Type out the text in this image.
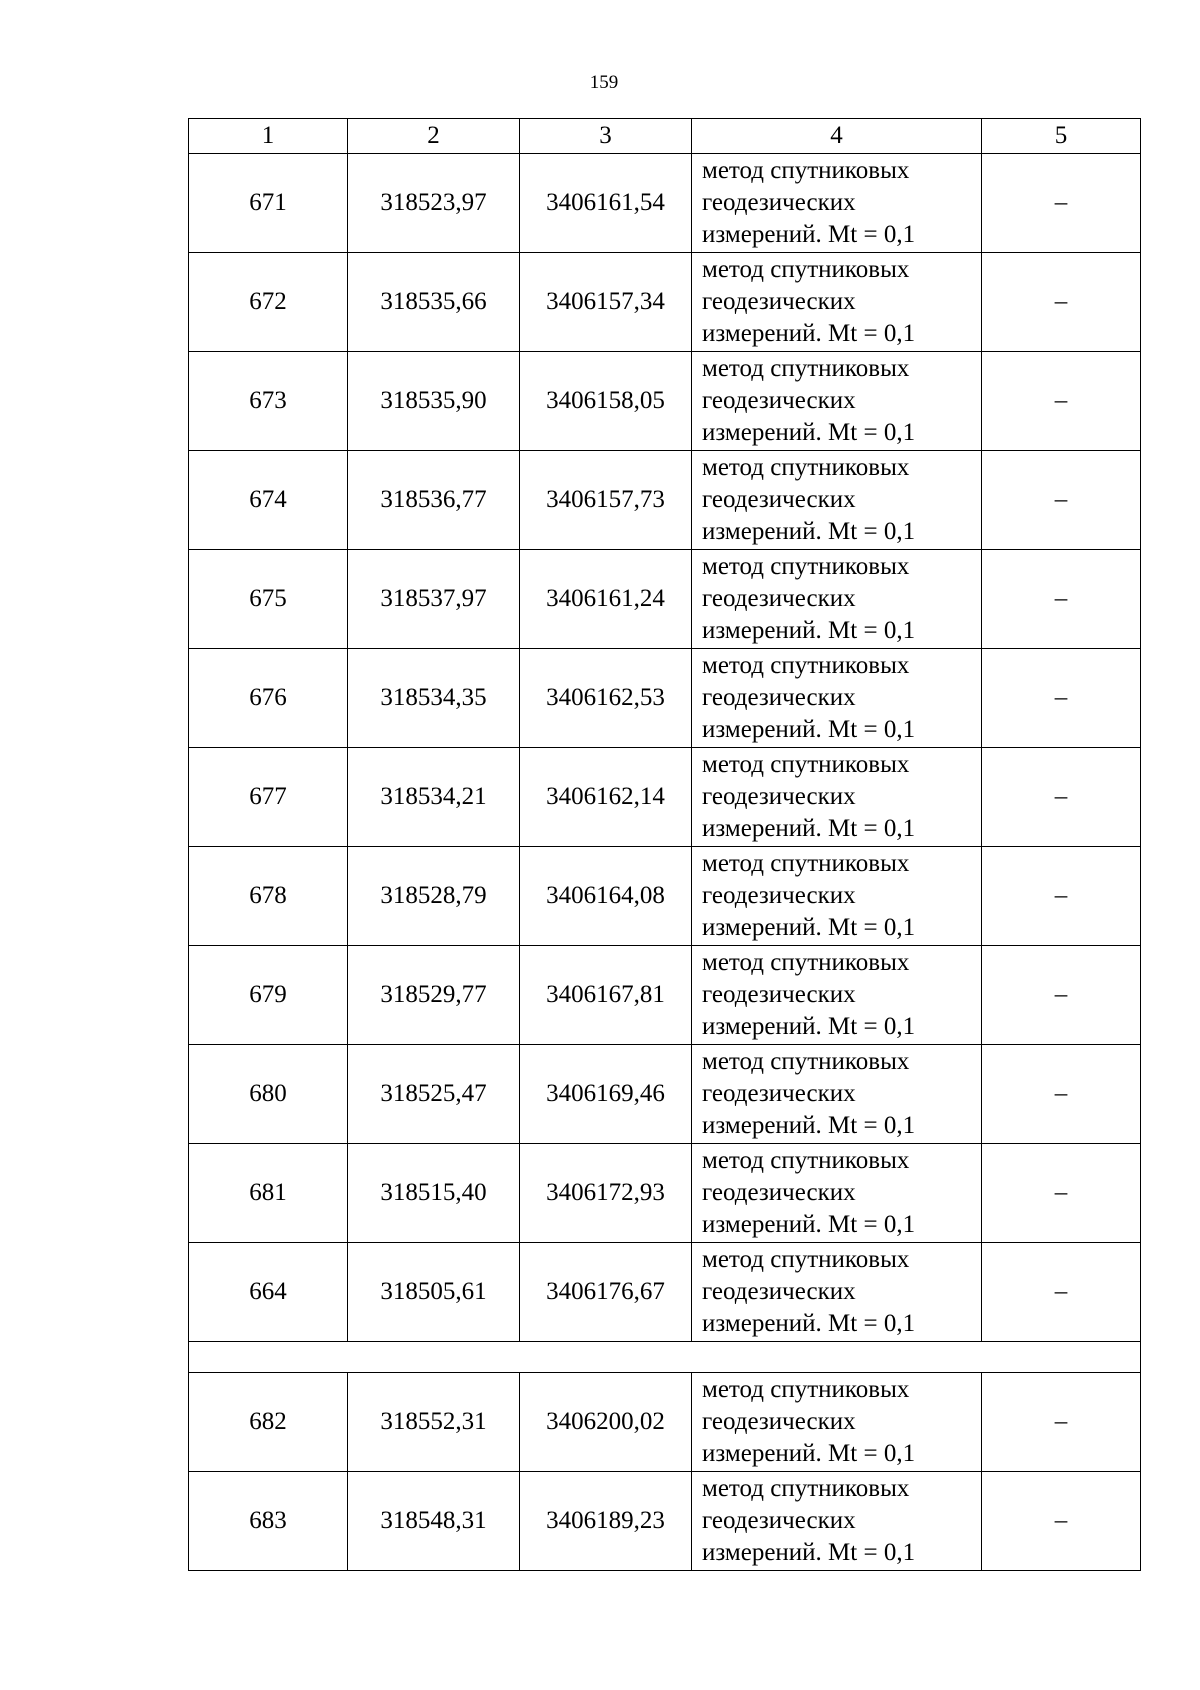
159
1	2	3	4	5
671	318523,97	3406161,54	метод спутниковых
геодезических
измерений. Mt = 0,1	–
672	318535,66	3406157,34	метод спутниковых
геодезических
измерений. Mt = 0,1	–
673	318535,90	3406158,05	метод спутниковых
геодезических
измерений. Mt = 0,1	–
674	318536,77	3406157,73	метод спутниковых
геодезических
измерений. Mt = 0,1	–
675	318537,97	3406161,24	метод спутниковых
геодезических
измерений. Mt = 0,1	–
676	318534,35	3406162,53	метод спутниковых
геодезических
измерений. Mt = 0,1	–
677	318534,21	3406162,14	метод спутниковых
геодезических
измерений. Mt = 0,1	–
678	318528,79	3406164,08	метод спутниковых
геодезических
измерений. Mt = 0,1	–
679	318529,77	3406167,81	метод спутниковых
геодезических
измерений. Mt = 0,1	–
680	318525,47	3406169,46	метод спутниковых
геодезических
измерений. Mt = 0,1	–
681	318515,40	3406172,93	метод спутниковых
геодезических
измерений. Mt = 0,1	–
664	318505,61	3406176,67	метод спутниковых
геодезических
измерений. Mt = 0,1	–

682	318552,31	3406200,02	метод спутниковых
геодезических
измерений. Mt = 0,1	–
683	318548,31	3406189,23	метод спутниковых
геодезических
измерений. Mt = 0,1	–
